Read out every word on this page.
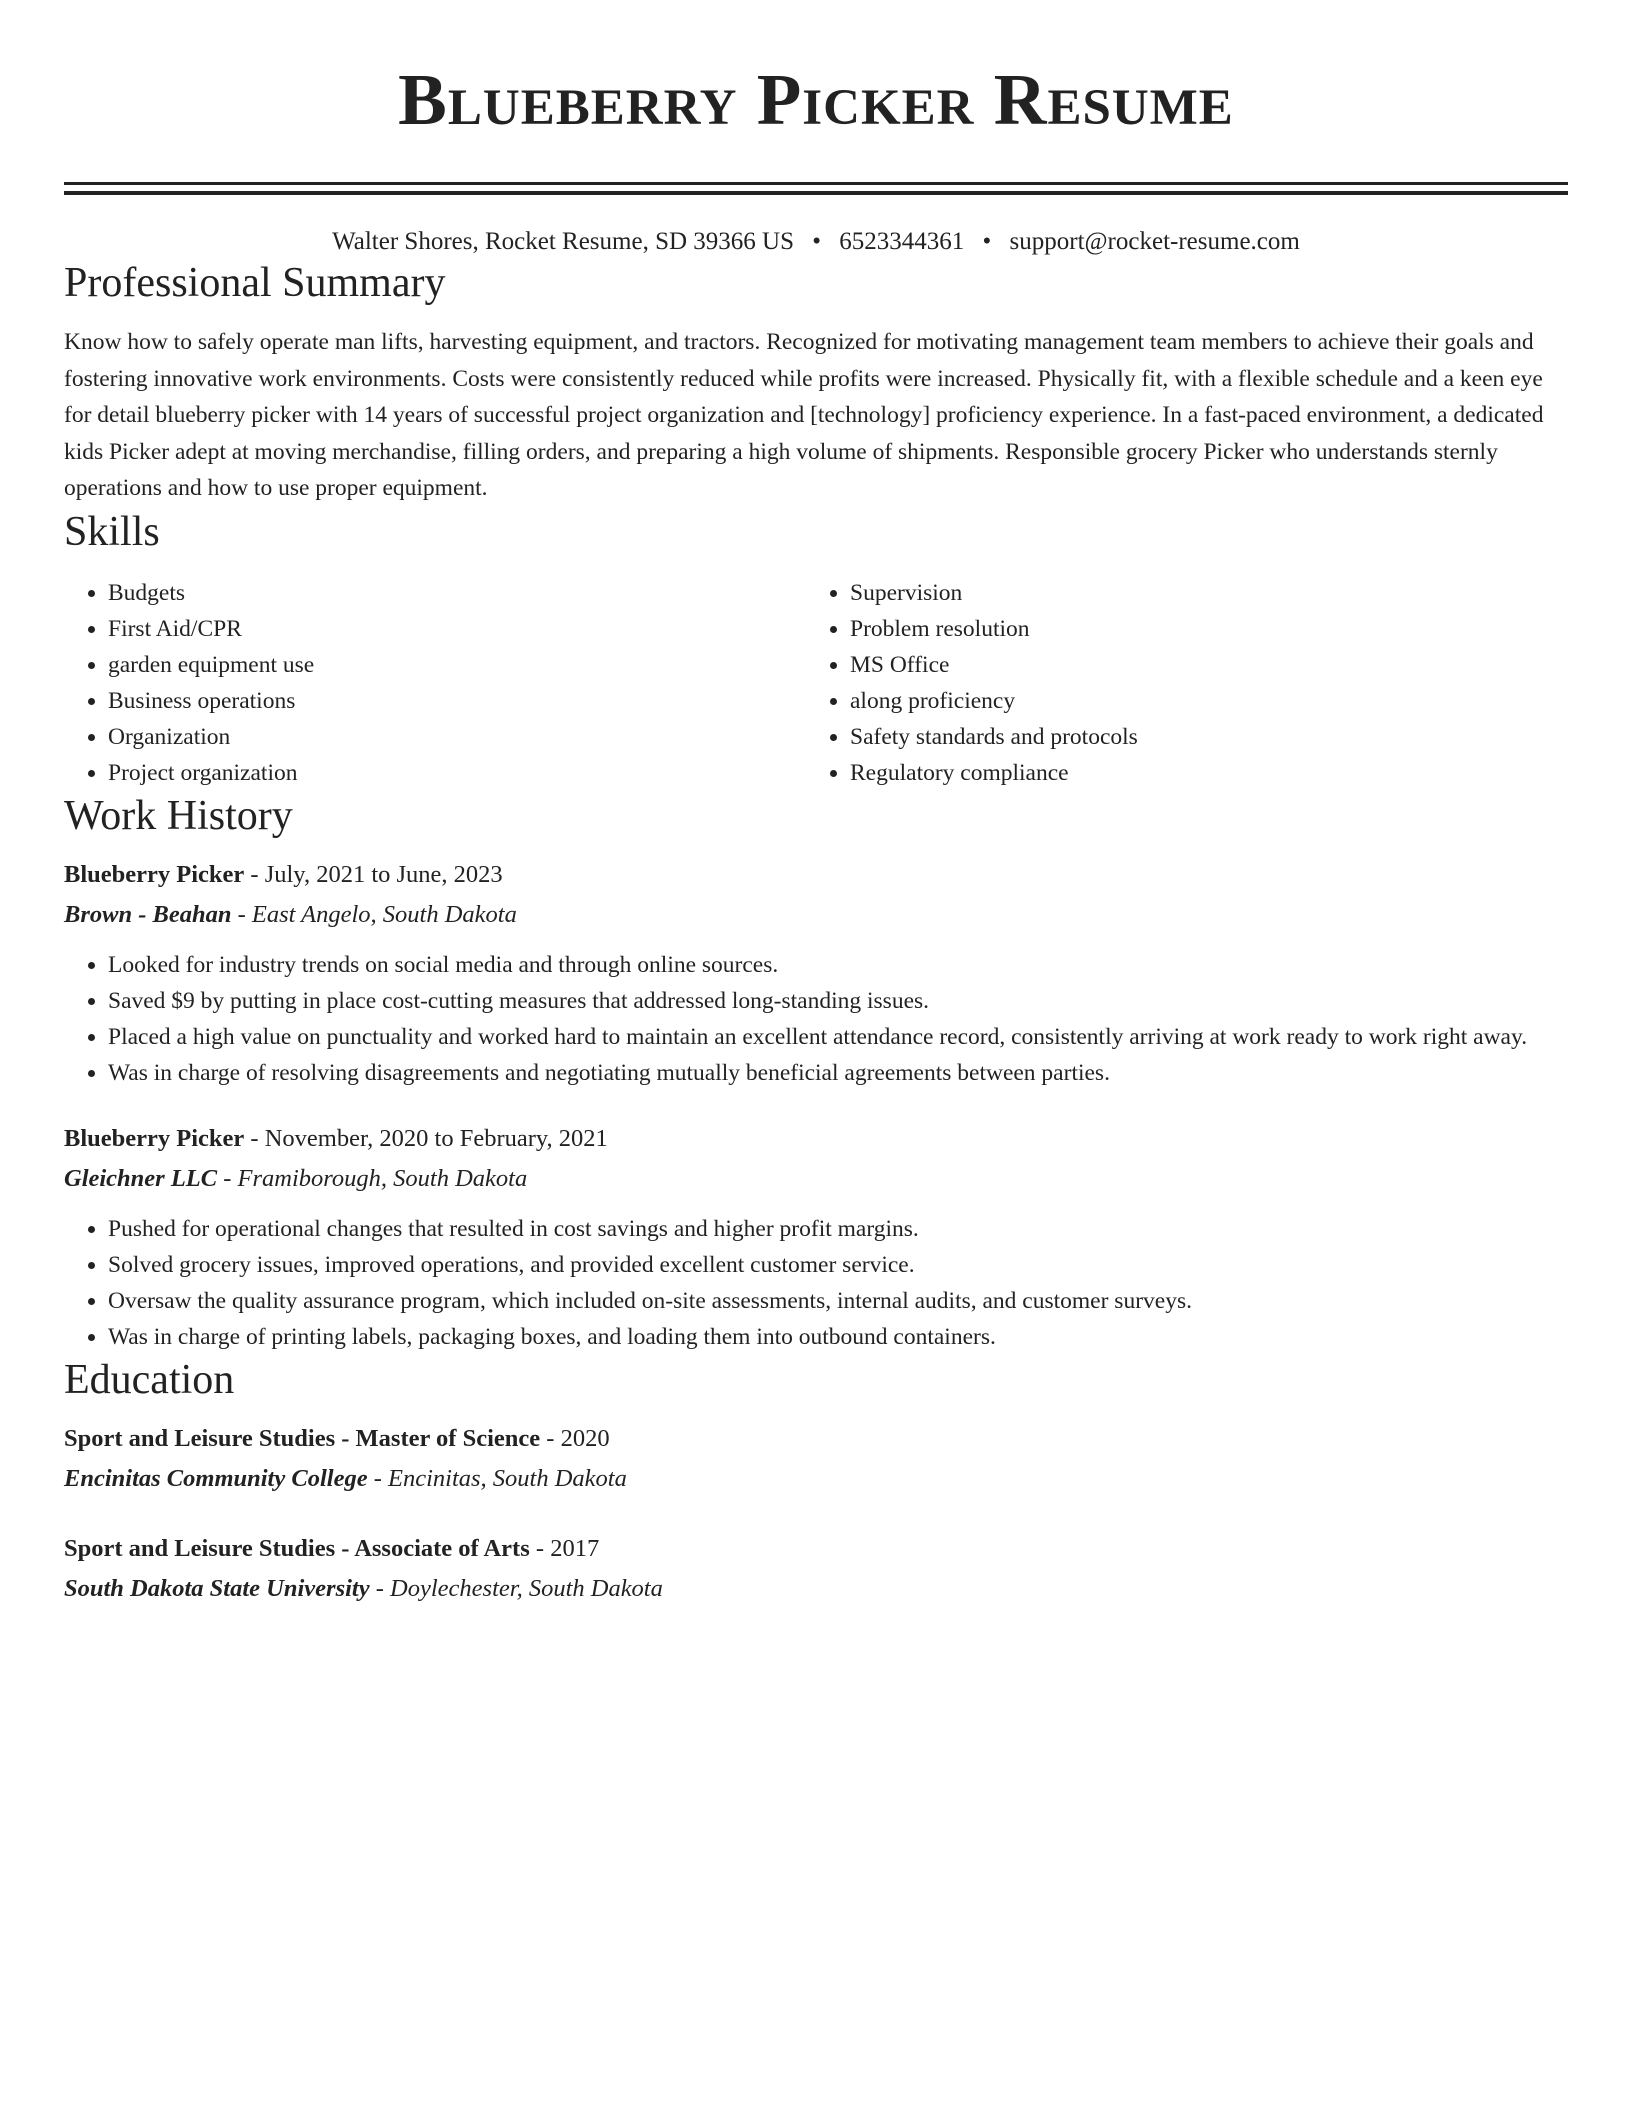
Blueberry Picker Resume
Walter Shores, Rocket Resume, SD 39366 US • 6523344361 • support@rocket-resume.com
Professional Summary

Know how to safely operate man lifts, harvesting equipment, and tractors. Recognized for motivating management team members to achieve their goals and fostering innovative work environments. Costs were consistently reduced while profits were increased. Physically fit, with a flexible schedule and a keen eye for detail blueberry picker with 14 years of successful project organization and [technology] proficiency experience. In a fast-paced environment, a dedicated kids Picker adept at moving merchandise, filling orders, and preparing a high volume of shipments. Responsible grocery Picker who understands sternly operations and how to use proper equipment.

Skills
• Budgets
• First Aid/CPR
• garden equipment use
• Business operations
• Organization
• Project organization
• Supervision
• Problem resolution
• MS Office
• along proficiency
• Safety standards and protocols
• Regulatory compliance
Work History
Blueberry Picker - July, 2021 to June, 2023
Brown - Beahan - East Angelo, South Dakota
• Looked for industry trends on social media and through online sources.
• Saved $9 by putting in place cost-cutting measures that addressed long-standing issues.
• Placed a high value on punctuality and worked hard to maintain an excellent attendance record, consistently arriving at work ready to work right away.
• Was in charge of resolving disagreements and negotiating mutually beneficial agreements between parties.
Blueberry Picker - November, 2020 to February, 2021
Gleichner LLC - Framiborough, South Dakota
• Pushed for operational changes that resulted in cost savings and higher profit margins.
• Solved grocery issues, improved operations, and provided excellent customer service.
• Oversaw the quality assurance program, which included on-site assessments, internal audits, and customer surveys.
• Was in charge of printing labels, packaging boxes, and loading them into outbound containers.
Education
Sport and Leisure Studies - Master of Science - 2020
Encinitas Community College - Encinitas, South Dakota
Sport and Leisure Studies - Associate of Arts - 2017
South Dakota State University - Doylechester, South Dakota
